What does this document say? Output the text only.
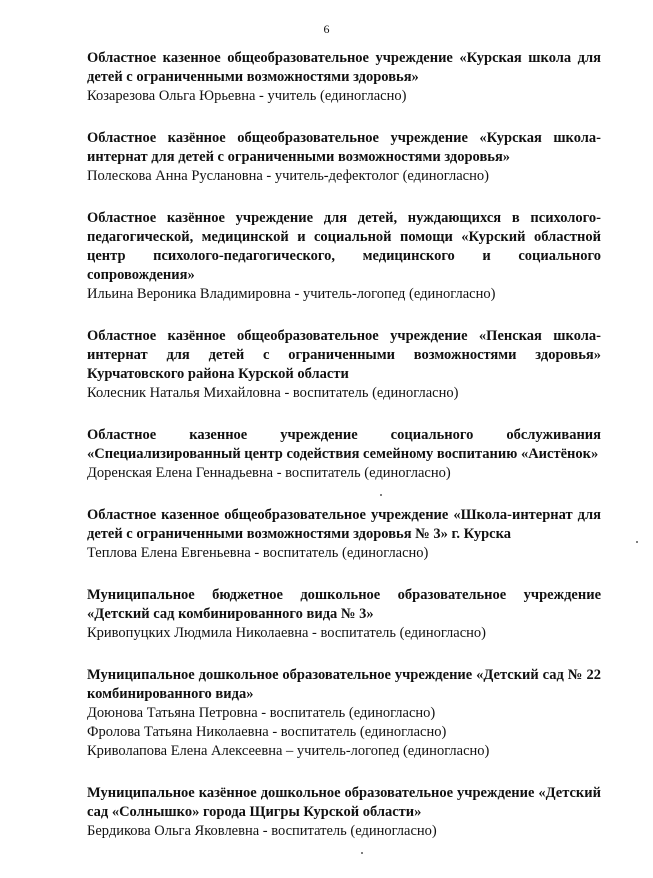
6

Областное казенное общеобразовательное учреждение «Курская школа для детей с ограниченными возможностями здоровья»

Козарезова Ольга Юрьевна - учитель (единогласно)

Областное казённое общеобразовательное учреждение «Курская школа-интернат для детей с ограниченными возможностями здоровья»

Полескова Анна Руслановна - учитель-дефектолог (единогласно)

Областное казённое учреждение для детей, нуждающихся в психолого-педагогической, медицинской и социальной помощи «Курский областной центр психолого-педагогического, медицинского и социального сопровождения»

Ильина Вероника Владимировна - учитель-логопед (единогласно)

Областное казённое общеобразовательное учреждение «Пенская школа-интернат для детей с ограниченными возможностями здоровья» Курчатовского района Курской области

Колесник Наталья Михайловна - воспитатель (единогласно)

Областное казенное учреждение социального обслуживания «Специализированный центр содействия семейному воспитанию «Аистёнок»

Доренская Елена Геннадьевна - воспитатель (единогласно)

Областное казенное общеобразовательное учреждение «Школа-интернат для детей с ограниченными возможностями здоровья № 3» г. Курска

Теплова Елена Евгеньевна - воспитатель (единогласно)

Муниципальное бюджетное дошкольное образовательное учреждение «Детский сад комбинированного вида № 3»

Кривопуцких Людмила Николаевна - воспитатель (единогласно)

Муниципальное дошкольное образовательное учреждение «Детский сад № 22 комбинированного вида»

Доюнова Татьяна Петровна - воспитатель (единогласно)

Фролова Татьяна Николаевна - воспитатель (единогласно)

Криволапова Елена Алексеевна – учитель-логопед (единогласно)

Муниципальное казённое дошкольное образовательное учреждение «Детский сад «Солнышко» города Щигры Курской области»

Бердикова Ольга Яковлевна - воспитатель (единогласно)
